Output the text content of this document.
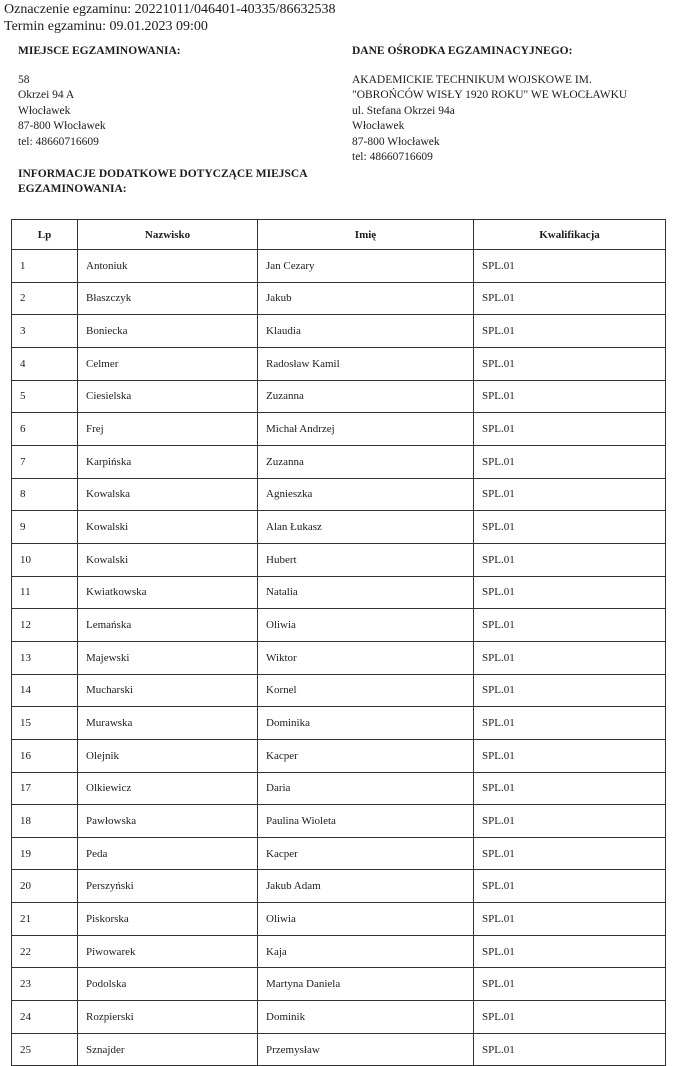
Oznaczenie egzaminu: 20221011/046401-40335/86632538
Termin egzaminu: 09.01.2023 09:00
MIEJSCE EGZAMINOWANIA:
58
Okrzei 94 A
Włocławek
87-800 Włocławek
tel: 48660716609
DANE OŚRODKA EGZAMINACYJNEGO:
AKADEMICKIE TECHNIKUM WOJSKOWE IM.
"OBROŃCÓW WISŁY 1920 ROKU" WE WŁOCŁAWKU
ul. Stefana Okrzei 94a
Włocławek
87-800 Włocławek
tel: 48660716609
INFORMACJE DODATKOWE DOTYCZĄCE MIEJSCA
EGZAMINOWANIA:
Lp	Nazwisko	Imię	Kwalifikacja
1	Antoniuk	Jan Cezary	SPL.01
2	Błaszczyk	Jakub	SPL.01
3	Boniecka	Klaudia	SPL.01
4	Celmer	Radosław Kamil	SPL.01
5	Ciesielska	Zuzanna	SPL.01
6	Frej	Michał Andrzej	SPL.01
7	Karpińska	Zuzanna	SPL.01
8	Kowalska	Agnieszka	SPL.01
9	Kowalski	Alan Łukasz	SPL.01
10	Kowalski	Hubert	SPL.01
11	Kwiatkowska	Natalia	SPL.01
12	Lemańska	Oliwia	SPL.01
13	Majewski	Wiktor	SPL.01
14	Mucharski	Kornel	SPL.01
15	Murawska	Dominika	SPL.01
16	Olejnik	Kacper	SPL.01
17	Olkiewicz	Daria	SPL.01
18	Pawłowska	Paulina Wioleta	SPL.01
19	Peda	Kacper	SPL.01
20	Perszyński	Jakub Adam	SPL.01
21	Piskorska	Oliwia	SPL.01
22	Piwowarek	Kaja	SPL.01
23	Podolska	Martyna Daniela	SPL.01
24	Rozpierski	Dominik	SPL.01
25	Sznajder	Przemysław	SPL.01
